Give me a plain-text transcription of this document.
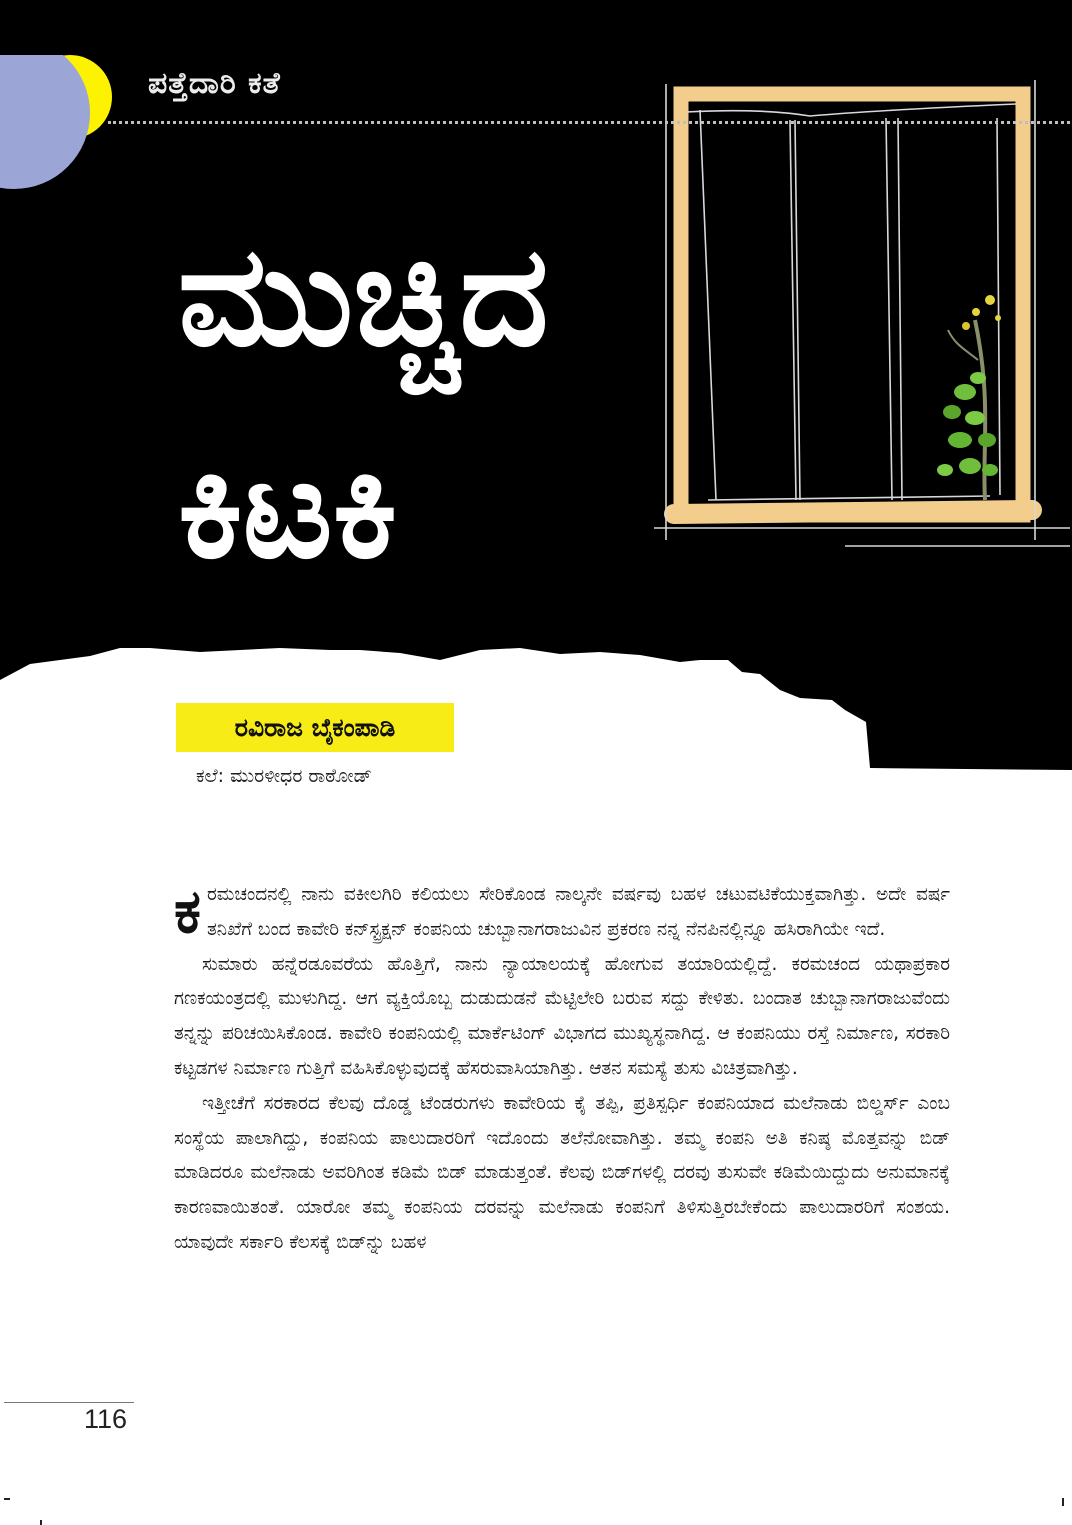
ಪತ್ತೆದಾರಿ ಕತೆ
ಮುಚ್ಚಿದ
ಕಿಟಕಿ
ರವಿರಾಜ ಬೈಕಂಪಾಡಿ
ಕಲೆ: ಮುರಳೀಧರ ರಾಠೋಡ್

ಕರಮಚಂದನಲ್ಲಿ ನಾನು ವಕೀಲಗಿರಿ ಕಲಿಯಲು ಸೇರಿಕೊಂಡ ನಾಲ್ಕನೇ ವರ್ಷವು ಬಹಳ ಚಟುವಟಿಕೆಯುಕ್ತವಾಗಿತ್ತು. ಅದೇ ವರ್ಷ ತನಿಖೆಗೆ ಬಂದ ಕಾವೇರಿ ಕನ್‌ಸ್ಟ್ರಕ್ಷನ್ ಕಂಪನಿಯ ಚುಬ್ಬಾನಾಗರಾಜುವಿನ ಪ್ರಕರಣ ನನ್ನ ನೆನಪಿನಲ್ಲಿನ್ನೂ ಹಸಿರಾಗಿಯೇ ಇದೆ.

ಸುಮಾರು ಹನ್ನೆರಡೂವರೆಯ ಹೊತ್ತಿಗೆ, ನಾನು ನ್ಯಾಯಾಲಯಕ್ಕೆ ಹೋಗುವ ತಯಾರಿಯಲ್ಲಿದ್ದೆ. ಕರಮಚಂದ ಯಥಾಪ್ರಕಾರ ಗಣಕಯಂತ್ರದಲ್ಲಿ ಮುಳುಗಿದ್ದ. ಆಗ ವ್ಯಕ್ತಿಯೊಬ್ಬ ದುಡುದುಡನೆ ಮೆಟ್ಟಿಲೇರಿ ಬರುವ ಸದ್ದು ಕೇಳಿತು. ಬಂದಾತ ಚುಬ್ಬಾನಾಗರಾಜುವೆಂದು ತನ್ನನ್ನು ಪರಿಚಯಿಸಿಕೊಂಡ. ಕಾವೇರಿ ಕಂಪನಿಯಲ್ಲಿ ಮಾರ್ಕೆಟಿಂಗ್ ವಿಭಾಗದ ಮುಖ್ಯಸ್ಥನಾಗಿದ್ದ. ಆ ಕಂಪನಿಯು ರಸ್ತೆ ನಿರ್ಮಾಣ, ಸರಕಾರಿ ಕಟ್ಟಡಗಳ ನಿರ್ಮಾಣ ಗುತ್ತಿಗೆ ವಹಿಸಿಕೊಳ್ಳುವುದಕ್ಕೆ ಹೆಸರುವಾಸಿಯಾಗಿತ್ತು. ಆತನ ಸಮಸ್ಯೆ ತುಸು ವಿಚಿತ್ರವಾಗಿತ್ತು.

ಇತ್ತೀಚೆಗೆ ಸರಕಾರದ ಕೆಲವು ದೊಡ್ಡ ಟೆಂಡರುಗಳು ಕಾವೇರಿಯ ಕೈ ತಪ್ಪಿ, ಪ್ರತಿಸ್ಪರ್ಧಿ ಕಂಪನಿಯಾದ ಮಲೆನಾಡು ಬಿಲ್ಡರ್ಸ್ ಎಂಬ ಸಂಸ್ಥೆಯ ಪಾಲಾಗಿದ್ದು, ಕಂಪನಿಯ ಪಾಲುದಾರರಿಗೆ ಇದೊಂದು ತಲೆನೋವಾಗಿತ್ತು. ತಮ್ಮ ಕಂಪನಿ ಅತಿ ಕನಿಷ್ಠ ಮೊತ್ತವನ್ನು ಬಿಡ್ ಮಾಡಿದರೂ ಮಲೆನಾಡು ಅವರಿಗಿಂತ ಕಡಿಮೆ ಬಿಡ್ ಮಾಡುತ್ತಂತೆ. ಕೆಲವು ಬಿಡ್‌ಗಳಲ್ಲಿ ದರವು ತುಸುವೇ ಕಡಿಮೆಯಿದ್ದುದು ಅನುಮಾನಕ್ಕೆ ಕಾರಣವಾಯಿತಂತೆ. ಯಾರೋ ತಮ್ಮ ಕಂಪನಿಯ ದರವನ್ನು ಮಲೆನಾಡು ಕಂಪನಿಗೆ ತಿಳಿಸುತ್ತಿರಬೇಕೆಂದು ಪಾಲುದಾರರಿಗೆ ಸಂಶಯ. ಯಾವುದೇ ಸರ್ಕಾರಿ ಕೆಲಸಕ್ಕೆ ಬಿಡ್‌ನ್ನು ಬಹಳ

116
